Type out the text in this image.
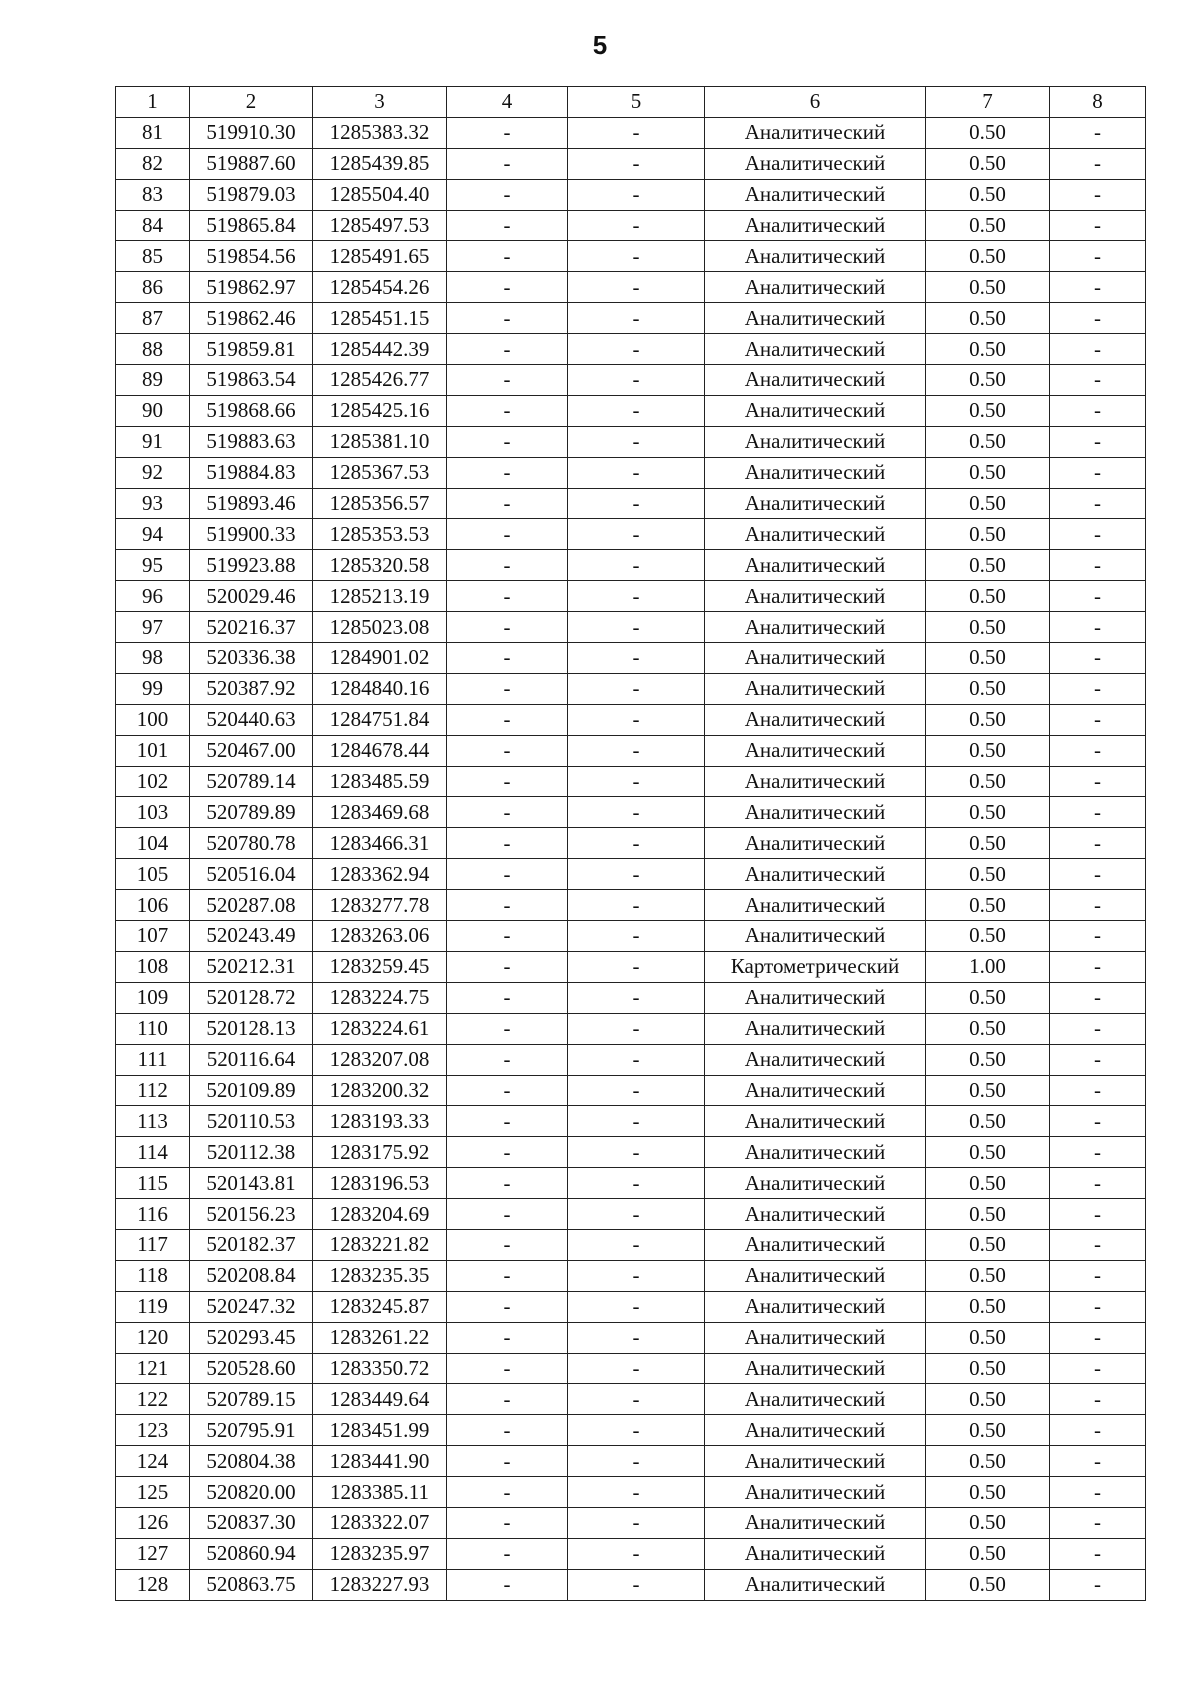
5
1	2	3	4	5	6	7	8
81	519910.30	1285383.32	-	-	Аналитический	0.50	-
82	519887.60	1285439.85	-	-	Аналитический	0.50	-
83	519879.03	1285504.40	-	-	Аналитический	0.50	-
84	519865.84	1285497.53	-	-	Аналитический	0.50	-
85	519854.56	1285491.65	-	-	Аналитический	0.50	-
86	519862.97	1285454.26	-	-	Аналитический	0.50	-
87	519862.46	1285451.15	-	-	Аналитический	0.50	-
88	519859.81	1285442.39	-	-	Аналитический	0.50	-
89	519863.54	1285426.77	-	-	Аналитический	0.50	-
90	519868.66	1285425.16	-	-	Аналитический	0.50	-
91	519883.63	1285381.10	-	-	Аналитический	0.50	-
92	519884.83	1285367.53	-	-	Аналитический	0.50	-
93	519893.46	1285356.57	-	-	Аналитический	0.50	-
94	519900.33	1285353.53	-	-	Аналитический	0.50	-
95	519923.88	1285320.58	-	-	Аналитический	0.50	-
96	520029.46	1285213.19	-	-	Аналитический	0.50	-
97	520216.37	1285023.08	-	-	Аналитический	0.50	-
98	520336.38	1284901.02	-	-	Аналитический	0.50	-
99	520387.92	1284840.16	-	-	Аналитический	0.50	-
100	520440.63	1284751.84	-	-	Аналитический	0.50	-
101	520467.00	1284678.44	-	-	Аналитический	0.50	-
102	520789.14	1283485.59	-	-	Аналитический	0.50	-
103	520789.89	1283469.68	-	-	Аналитический	0.50	-
104	520780.78	1283466.31	-	-	Аналитический	0.50	-
105	520516.04	1283362.94	-	-	Аналитический	0.50	-
106	520287.08	1283277.78	-	-	Аналитический	0.50	-
107	520243.49	1283263.06	-	-	Аналитический	0.50	-
108	520212.31	1283259.45	-	-	Картометрический	1.00	-
109	520128.72	1283224.75	-	-	Аналитический	0.50	-
110	520128.13	1283224.61	-	-	Аналитический	0.50	-
111	520116.64	1283207.08	-	-	Аналитический	0.50	-
112	520109.89	1283200.32	-	-	Аналитический	0.50	-
113	520110.53	1283193.33	-	-	Аналитический	0.50	-
114	520112.38	1283175.92	-	-	Аналитический	0.50	-
115	520143.81	1283196.53	-	-	Аналитический	0.50	-
116	520156.23	1283204.69	-	-	Аналитический	0.50	-
117	520182.37	1283221.82	-	-	Аналитический	0.50	-
118	520208.84	1283235.35	-	-	Аналитический	0.50	-
119	520247.32	1283245.87	-	-	Аналитический	0.50	-
120	520293.45	1283261.22	-	-	Аналитический	0.50	-
121	520528.60	1283350.72	-	-	Аналитический	0.50	-
122	520789.15	1283449.64	-	-	Аналитический	0.50	-
123	520795.91	1283451.99	-	-	Аналитический	0.50	-
124	520804.38	1283441.90	-	-	Аналитический	0.50	-
125	520820.00	1283385.11	-	-	Аналитический	0.50	-
126	520837.30	1283322.07	-	-	Аналитический	0.50	-
127	520860.94	1283235.97	-	-	Аналитический	0.50	-
128	520863.75	1283227.93	-	-	Аналитический	0.50	-
